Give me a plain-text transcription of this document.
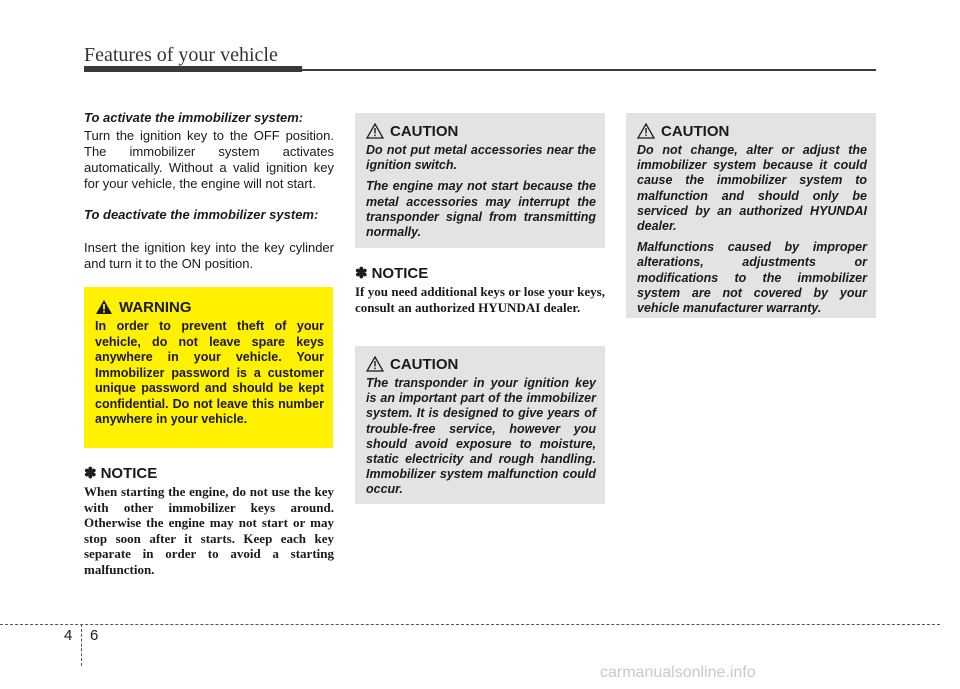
Features of your vehicle
To activate the immobilizer system:
Turn the ignition key to the OFF position. The immobilizer system activates automatically. Without a valid ignition key for your vehicle, the engine will not start.
To deactivate the immobilizer system:
Insert the ignition key into the key cylinder and turn it to the ON position.
WARNING
In order to prevent theft of your vehicle, do not leave spare keys anywhere in your vehicle. Your Immobilizer password is a customer unique password and should be kept confidential. Do not leave this number anywhere in your vehicle.
✽ NOTICE
When starting the engine, do not use the key with other immobilizer keys around. Otherwise the engine may not start or may stop soon after it starts. Keep each key separate in order to avoid a starting malfunction.
CAUTION
Do not put metal accessories near the ignition switch.
The engine may not start because the metal accessories may interrupt the transponder signal from transmitting normally.
✽ NOTICE
If you need additional keys or lose your keys, consult an authorized HYUNDAI dealer.
CAUTION
The transponder in your ignition key is an important part of the immobilizer system. It is designed to give years of trouble-free service, however you should avoid exposure to moisture, static electricity and rough handling. Immobilizer system malfunction could occur.
CAUTION
Do not change, alter or adjust the immobilizer system because it could cause the immobilizer system to malfunction and should only be serviced by an authorized HYUNDAI dealer.
Malfunctions caused by improper alterations, adjustments or modifications to the immobilizer system are not covered by your vehicle manufacturer warranty.
4 6
carmanualsonline.info
